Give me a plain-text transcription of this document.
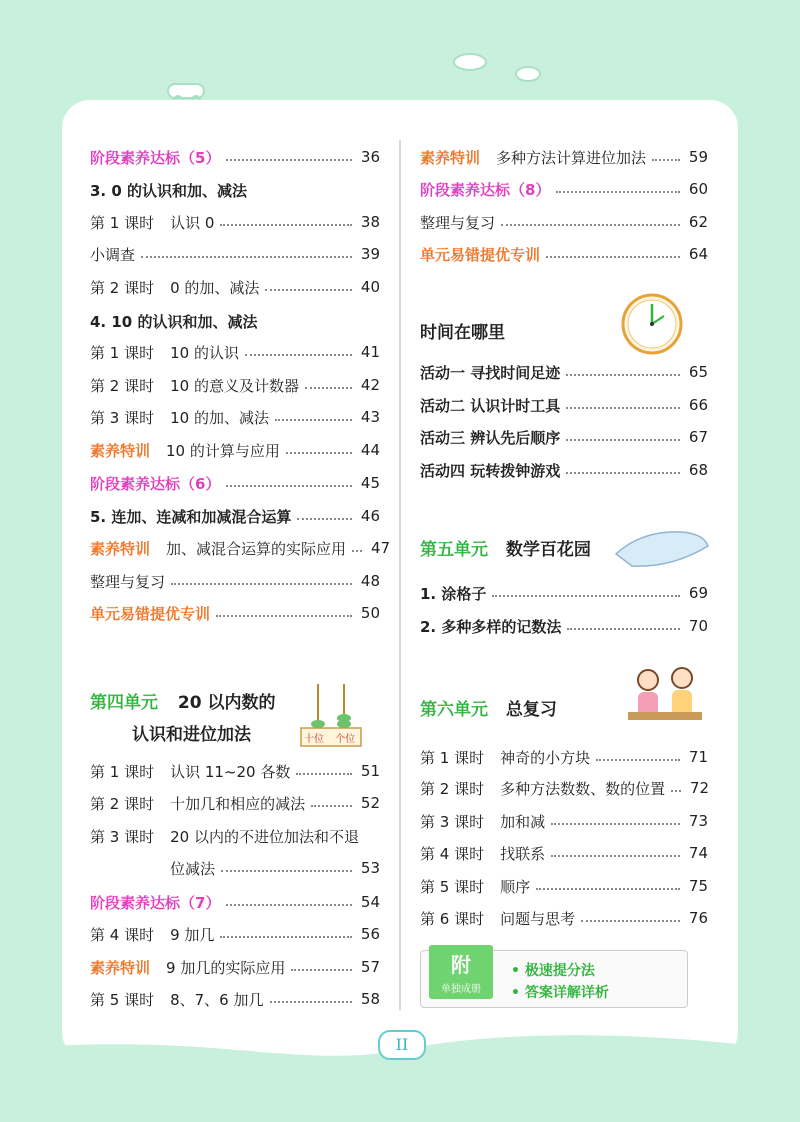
阶段素养达标（5）	36
3. 0 的认识和加、减法
第 1 课时 认识 0	38
小调查	39
第 2 课时 0 的加、减法	40
4. 10 的认识和加、减法
第 1 课时 10 的认识	41
第 2 课时 10 的意义及计数器	42
第 3 课时 10 的加、减法	43
素养特训 10 的计算与应用	44
阶段素养达标（6）	45
5. 连加、连减和加减混合运算	46
素养特训 加、减混合运算的实际应用 47
整理与复习	48
单元易错提优专训	50
第四单元 20 以内数的
认识和进位加法	十位 个位
第 1 课时 认识 11~20 各数	51
第 2 课时 十加几和相应的减法	52
第 3 课时 20 以内的不进位加法和不退
位减法	53
阶段素养达标（7）	54
第 4 课时 9 加几	56
素养特训 9 加几的实际应用	57
第 5 课时 8、7、6 加几	58
素养特训 多种方法计算进位加法	59
阶段素养达标（8）	60
整理与复习	62
单元易错提优专训	64
时间在哪里
活动一 寻找时间足迹	65
活动二 认识计时工具	66
活动三 辨认先后顺序	67
活动四 玩转拨钟游戏	68
第五单元 数学百花园
1. 涂格子	69
2. 多种多样的记数法	70
第六单元 总复习
第 1 课时 神奇的小方块	71
第 2 课时 多种方法数数、数的位置 72
第 3 课时 加和减	73
第 4 课时 找联系	74
第 5 课时 顺序	75
第 6 课时 问题与思考	76
附
单独成册
• 极速提分法
• 答案详解详析
II
